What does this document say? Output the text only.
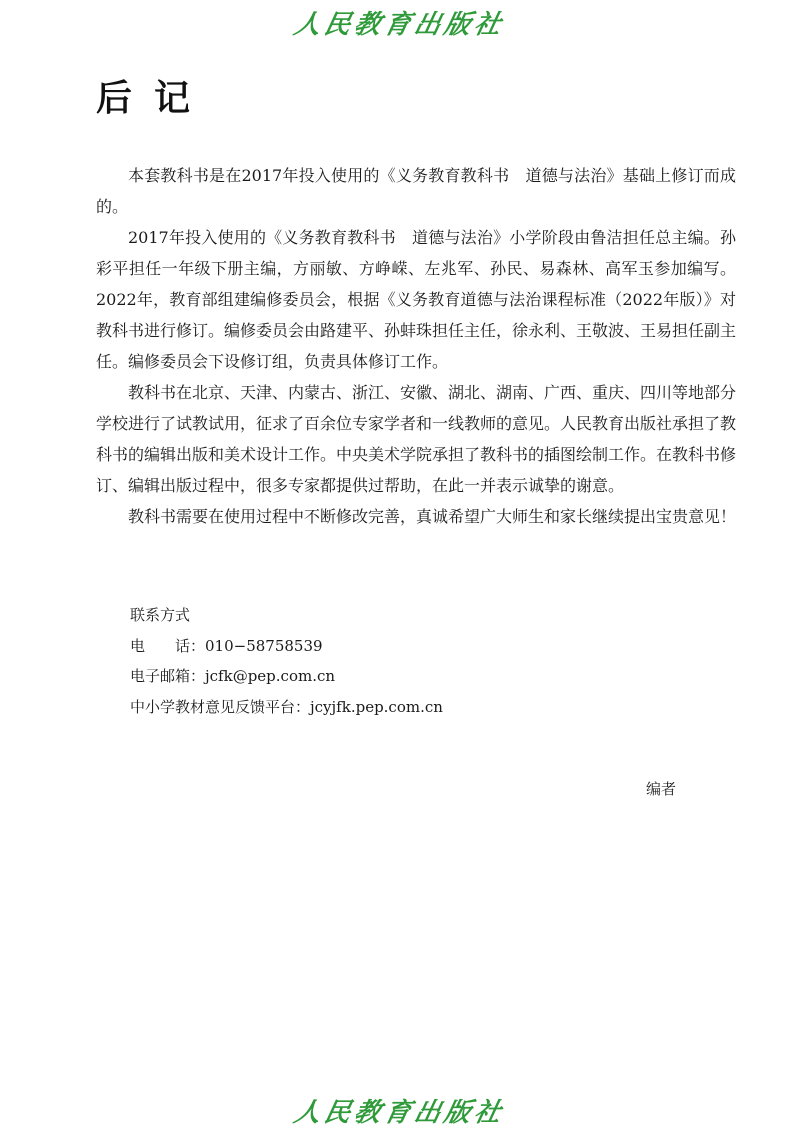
人民教育出版社
后记

本套教科书是在2017年投入使用的《义务教育教科书　道德与法治》基础上修订而成的。

2017年投入使用的《义务教育教科书　道德与法治》小学阶段由鲁洁担任总主编。孙彩平担任一年级下册主编，方丽敏、方峥嵘、左兆军、孙民、易森林、高军玉参加编写。2022年，教育部组建编修委员会，根据《义务教育道德与法治课程标准（2022年版）》对教科书进行修订。编修委员会由路建平、孙蚌珠担任主任，徐永利、王敬波、王易担任副主任。编修委员会下设修订组，负责具体修订工作。

教科书在北京、天津、内蒙古、浙江、安徽、湖北、湖南、广西、重庆、四川等地部分学校进行了试教试用，征求了百余位专家学者和一线教师的意见。人民教育出版社承担了教科书的编辑出版和美术设计工作。中央美术学院承担了教科书的插图绘制工作。在教科书修订、编辑出版过程中，很多专家都提供过帮助，在此一并表示诚挚的谢意。

教科书需要在使用过程中不断修改完善，真诚希望广大师生和家长继续提出宝贵意见！

联系方式
电　　话：010−58758539
电子邮箱：jcfk@pep.com.cn
中小学教材意见反馈平台：jcyjfk.pep.com.cn
编者
人民教育出版社
